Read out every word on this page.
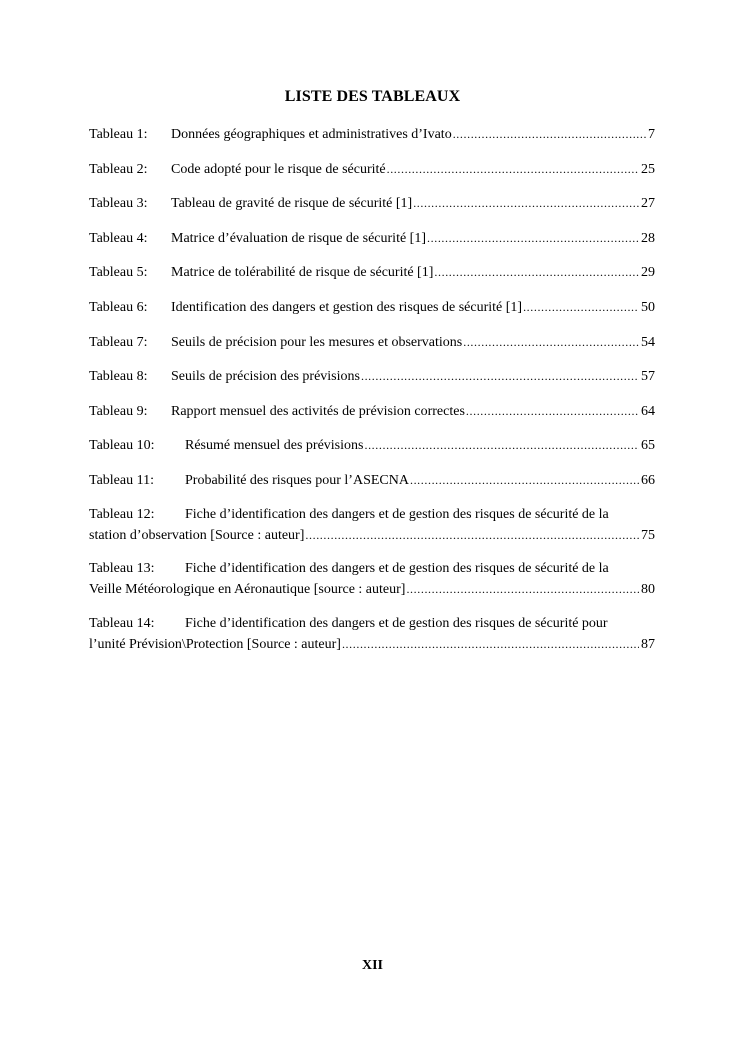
LISTE DES TABLEAUX
Tableau 1:	Données géographiques et administratives d’Ivato .....	7
Tableau 2:	Code adopté pour le risque de sécurité .....	25
Tableau 3:	Tableau de gravité de risque de sécurité [1] .....	27
Tableau 4:	Matrice d’évaluation de risque de sécurité [1] .....	28
Tableau 5:	Matrice de tolérabilité de risque de sécurité [1] .....	29
Tableau 6:	Identification des dangers et gestion des risques de sécurité [1] .....	50
Tableau 7:	Seuils de précision pour les mesures et observations .....	54
Tableau 8:	Seuils de précision des prévisions .....	57
Tableau 9:	Rapport mensuel des activités de prévision correctes .....	64
Tableau 10:	Résumé mensuel des prévisions .....	65
Tableau 11:	Probabilité des risques pour l’ASECNA .....	66
Tableau 12: Fiche d’identification des dangers et de gestion des risques de sécurité de la
station d’observation [Source : auteur] .....	75
Tableau 13: Fiche d’identification des dangers et de gestion des risques de sécurité de la
Veille Météorologique en Aéronautique [source : auteur] .....	80
Tableau 14: Fiche d’identification des dangers et de gestion des risques de sécurité pour
l’unité Prévision\Protection [Source : auteur] .....	87
XII
